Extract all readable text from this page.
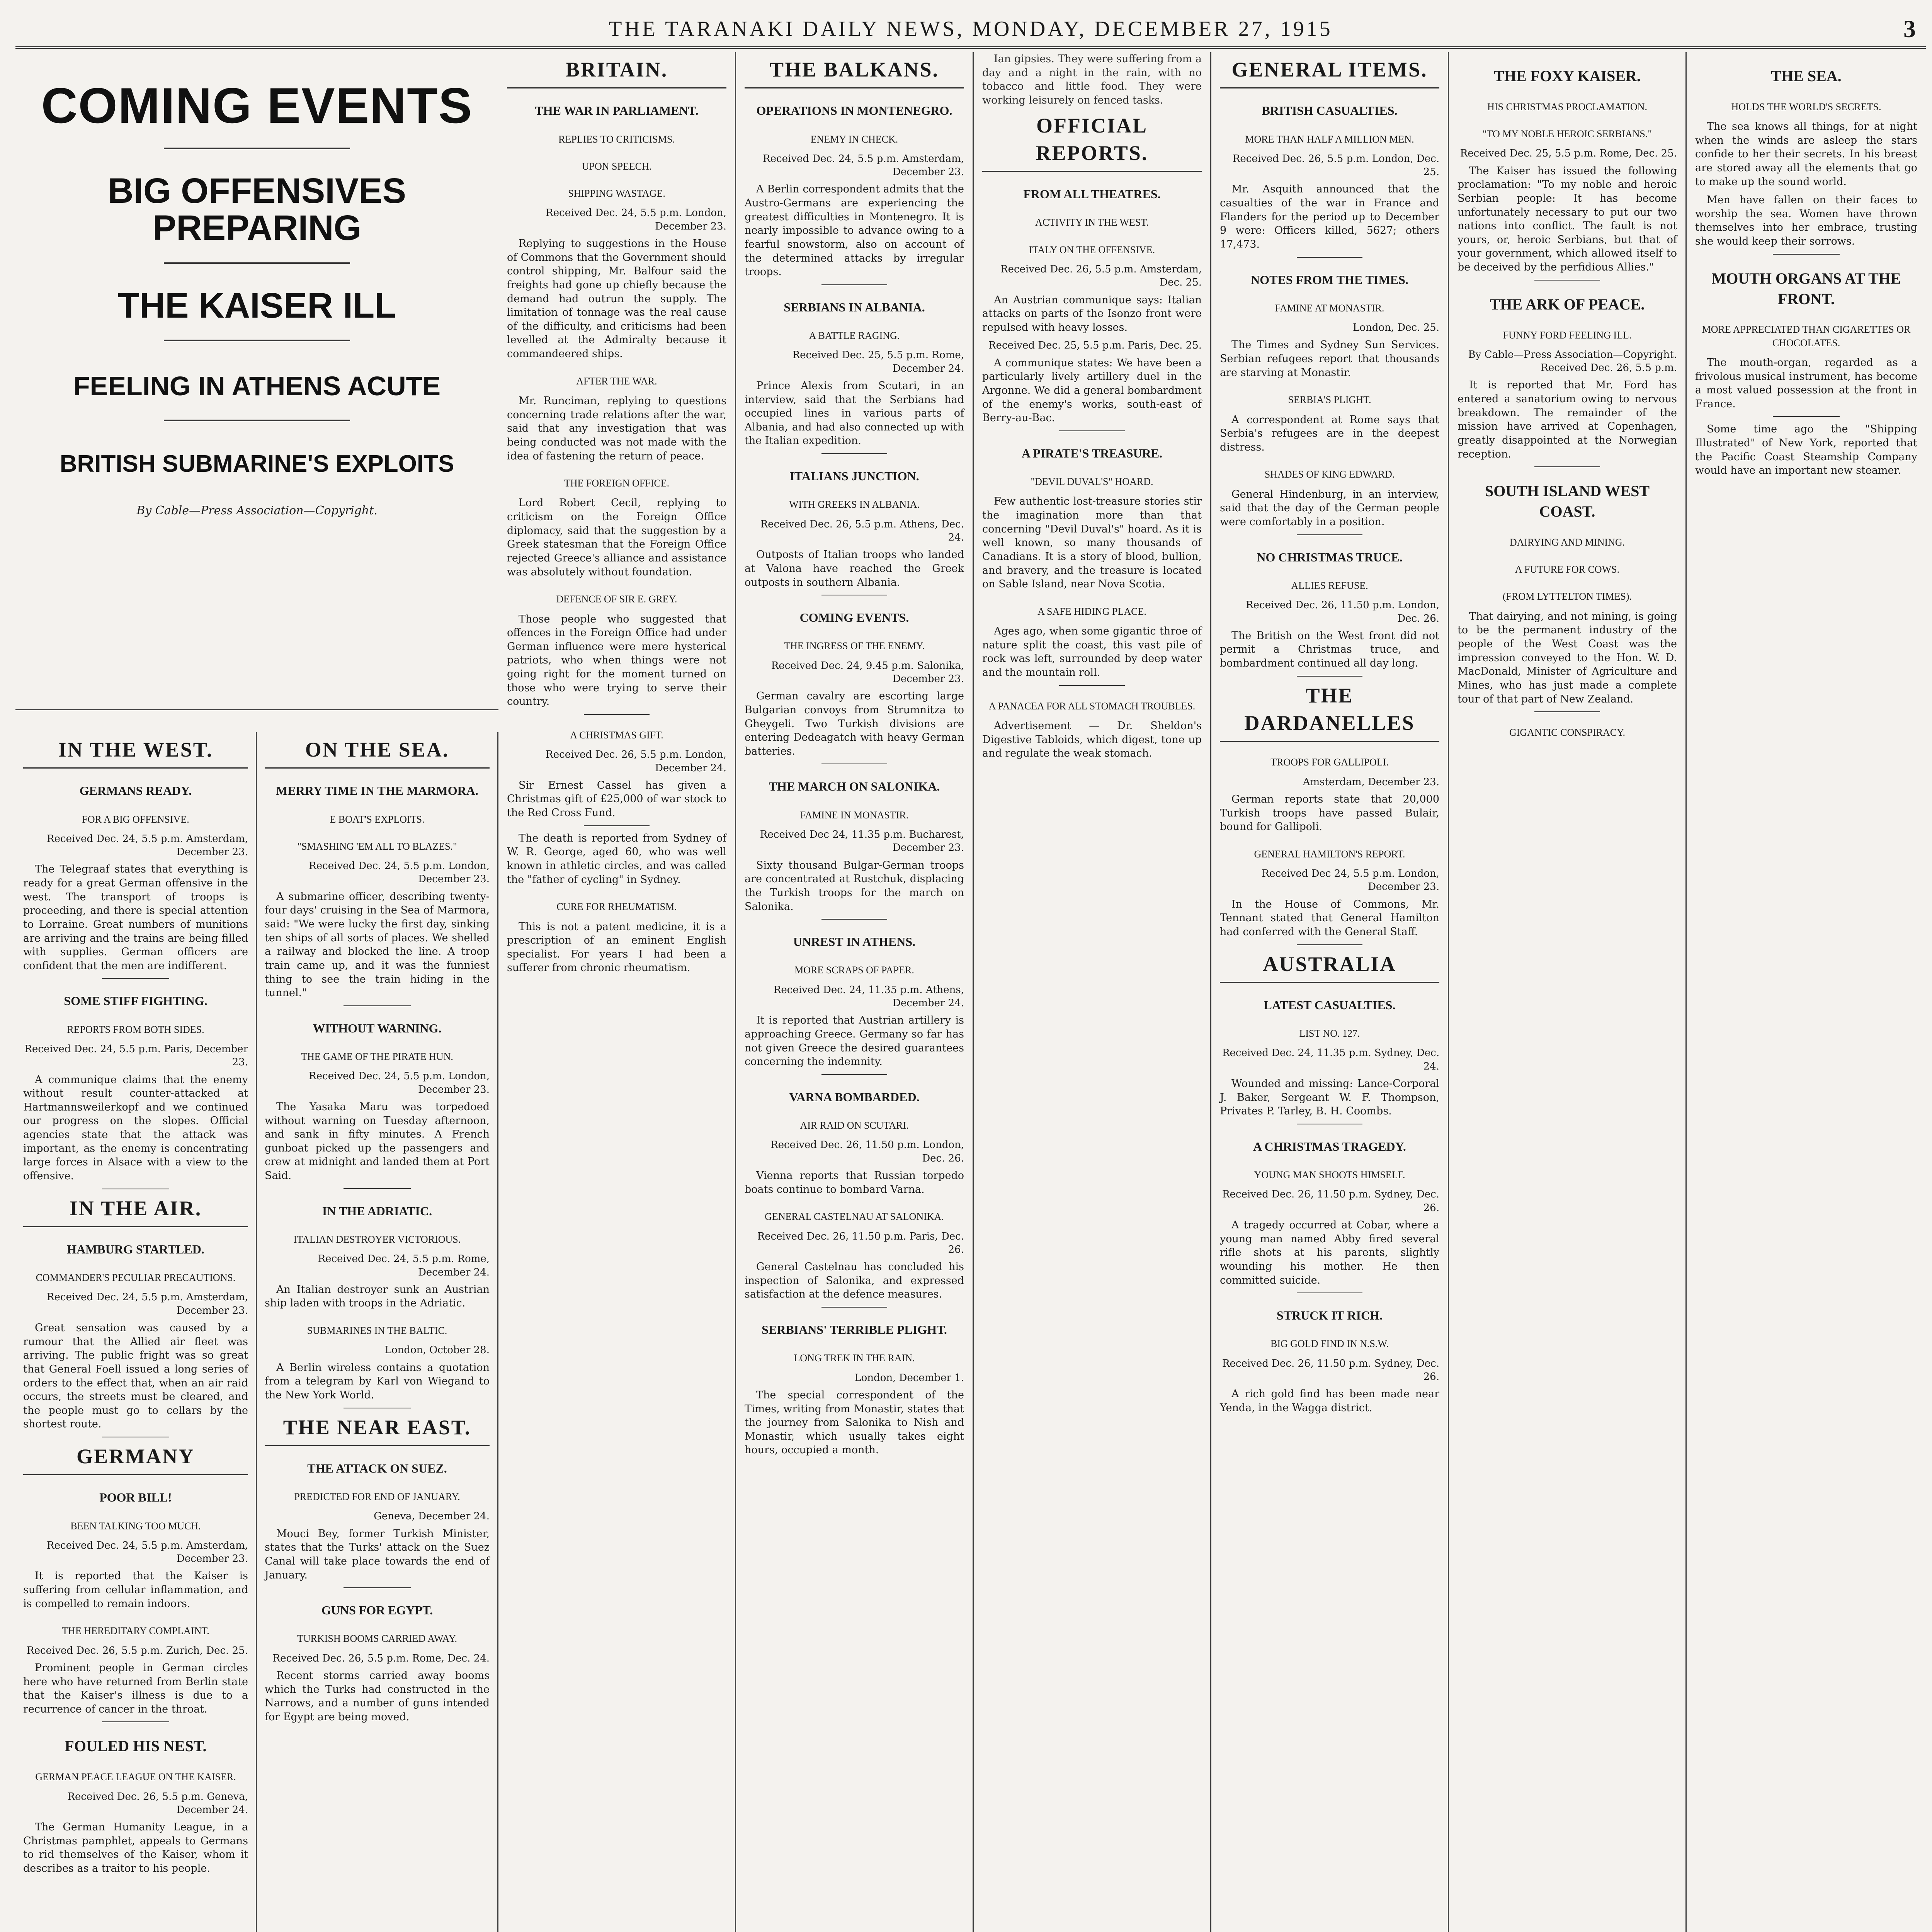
THE TARANAKI DAILY NEWS, MONDAY, DECEMBER 27, 1915	3
COMING EVENTS
BIG OFFENSIVES PREPARING
THE KAISER ILL
FEELING IN ATHENS ACUTE
BRITISH SUBMARINE'S EXPLOITS
By Cable—Press Association—Copyright.
IN THE WEST.
GERMANS READY.
FOR A BIG OFFENSIVE.
Received Dec. 24, 5.5 p.m. Amsterdam, December 23.

The Telegraaf states that everything is ready for a great German offensive in the west. The transport of troops is proceeding, and there is special attention to Lorraine. Great numbers of munitions are arriving and the trains are being filled with supplies. German officers are confident that the men are indifferent.

SOME STIFF FIGHTING.
REPORTS FROM BOTH SIDES.
Received Dec. 24, 5.5 p.m. Paris, December 23.

A communique claims that the enemy without result counter-attacked at Hartmannsweilerkopf and we continued our progress on the slopes. Official agencies state that the attack was important, as the enemy is concentrating large forces in Alsace with a view to the offensive.

IN THE AIR.
HAMBURG STARTLED.
COMMANDER'S PECULIAR PRECAUTIONS.
Received Dec. 24, 5.5 p.m. Amsterdam, December 23.

Great sensation was caused by a rumour that the Allied air fleet was arriving. The public fright was so great that General Foell issued a long series of orders to the effect that, when an air raid occurs, the streets must be cleared, and the people must go to cellars by the shortest route.

GERMANY
POOR BILL!
BEEN TALKING TOO MUCH.
Received Dec. 24, 5.5 p.m. Amsterdam, December 23.

It is reported that the Kaiser is suffering from cellular inflammation, and is compelled to remain indoors.

THE HEREDITARY COMPLAINT.
Received Dec. 26, 5.5 p.m. Zurich, Dec. 25.

Prominent people in German circles here who have returned from Berlin state that the Kaiser's illness is due to a recurrence of cancer in the throat.

FOULED HIS NEST.
GERMAN PEACE LEAGUE ON THE KAISER.
Received Dec. 26, 5.5 p.m. Geneva, December 24.

The German Humanity League, in a Christmas pamphlet, appeals to Germans to rid themselves of the Kaiser, whom it describes as a traitor to his people.

ON THE SEA.
MERRY TIME IN THE MARMORA.
E BOAT'S EXPLOITS.
"SMASHING 'EM ALL TO BLAZES."
Received Dec. 24, 5.5 p.m. London, December 23.

A submarine officer, describing twenty-four days' cruising in the Sea of Marmora, said: "We were lucky the first day, sinking ten ships of all sorts of places. We shelled a railway and blocked the line. A troop train came up, and it was the funniest thing to see the train hiding in the tunnel."

WITHOUT WARNING.
THE GAME OF THE PIRATE HUN.
Received Dec. 24, 5.5 p.m. London, December 23.

The Yasaka Maru was torpedoed without warning on Tuesday afternoon, and sank in fifty minutes. A French gunboat picked up the passengers and crew at midnight and landed them at Port Said.

IN THE ADRIATIC.
ITALIAN DESTROYER VICTORIOUS.
Received Dec. 24, 5.5 p.m. Rome, December 24.

An Italian destroyer sunk an Austrian ship laden with troops in the Adriatic.

SUBMARINES IN THE BALTIC.
London, October 28.

A Berlin wireless contains a quotation from a telegram by Karl von Wiegand to the New York World.

THE NEAR EAST.
THE ATTACK ON SUEZ.
PREDICTED FOR END OF JANUARY.
Geneva, December 24.

Mouci Bey, former Turkish Minister, states that the Turks' attack on the Suez Canal will take place towards the end of January.

GUNS FOR EGYPT.
TURKISH BOOMS CARRIED AWAY.
Received Dec. 26, 5.5 p.m. Rome, Dec. 24.

Recent storms carried away booms which the Turks had constructed in the Narrows, and a number of guns intended for Egypt are being moved.

BRITAIN.
THE WAR IN PARLIAMENT.
REPLIES TO CRITICISMS.
UPON SPEECH.
SHIPPING WASTAGE.
Received Dec. 24, 5.5 p.m. London, December 23.

Replying to suggestions in the House of Commons that the Government should control shipping, Mr. Balfour said the freights had gone up chiefly because the demand had outrun the supply. The limitation of tonnage was the real cause of the difficulty, and criticisms had been levelled at the Admiralty because it commandeered ships.

AFTER THE WAR.

Mr. Runciman, replying to questions concerning trade relations after the war, said that any investigation that was being conducted was not made with the idea of fastening the return of peace.

THE FOREIGN OFFICE.

Lord Robert Cecil, replying to criticism on the Foreign Office diplomacy, said that the suggestion by a Greek statesman that the Foreign Office rejected Greece's alliance and assistance was absolutely without foundation.

DEFENCE OF SIR E. GREY.

Those people who suggested that offences in the Foreign Office had under German influence were mere hysterical patriots, who when things were not going right for the moment turned on those who were trying to serve their country.

A CHRISTMAS GIFT.
Received Dec. 26, 5.5 p.m. London, December 24.

Sir Ernest Cassel has given a Christmas gift of £25,000 of war stock to the Red Cross Fund.

The death is reported from Sydney of W. R. George, aged 60, who was well known in athletic circles, and was called the "father of cycling" in Sydney.

CURE FOR RHEUMATISM.

This is not a patent medicine, it is a prescription of an eminent English specialist. For years I had been a sufferer from chronic rheumatism.

THE BALKANS.
OPERATIONS IN MONTENEGRO.
ENEMY IN CHECK.
Received Dec. 24, 5.5 p.m. Amsterdam, December 23.

A Berlin correspondent admits that the Austro-Germans are experiencing the greatest difficulties in Montenegro. It is nearly impossible to advance owing to a fearful snowstorm, also on account of the determined attacks by irregular troops.

SERBIANS IN ALBANIA.
A BATTLE RAGING.
Received Dec. 25, 5.5 p.m. Rome, December 24.

Prince Alexis from Scutari, in an interview, said that the Serbians had occupied lines in various parts of Albania, and had also connected up with the Italian expedition.

ITALIANS JUNCTION.
WITH GREEKS IN ALBANIA.
Received Dec. 26, 5.5 p.m. Athens, Dec. 24.

Outposts of Italian troops who landed at Valona have reached the Greek outposts in southern Albania.

COMING EVENTS.
THE INGRESS OF THE ENEMY.
Received Dec. 24, 9.45 p.m. Salonika, December 23.

German cavalry are escorting large Bulgarian convoys from Strumnitza to Gheygeli. Two Turkish divisions are entering Dedeagatch with heavy German batteries.

THE MARCH ON SALONIKA.
FAMINE IN MONASTIR.
Received Dec 24, 11.35 p.m. Bucharest, December 23.

Sixty thousand Bulgar-German troops are concentrated at Rustchuk, displacing the Turkish troops for the march on Salonika.

UNREST IN ATHENS.
MORE SCRAPS OF PAPER.
Received Dec. 24, 11.35 p.m. Athens, December 24.

It is reported that Austrian artillery is approaching Greece. Germany so far has not given Greece the desired guarantees concerning the indemnity.

VARNA BOMBARDED.
AIR RAID ON SCUTARI.
Received Dec. 26, 11.50 p.m. London, Dec. 26.

Vienna reports that Russian torpedo boats continue to bombard Varna.

GENERAL CASTELNAU AT SALONIKA.
Received Dec. 26, 11.50 p.m. Paris, Dec. 26.

General Castelnau has concluded his inspection of Salonika, and expressed satisfaction at the defence measures.

SERBIANS' TERRIBLE PLIGHT.
LONG TREK IN THE RAIN.
London, December 1.

The special correspondent of the Times, writing from Monastir, states that the journey from Salonika to Nish and Monastir, which usually takes eight hours, occupied a month.

Ian gipsies. They were suffering from a day and a night in the rain, with no tobacco and little food. They were working leisurely on fenced tasks.

OFFICIAL REPORTS.
FROM ALL THEATRES.
ACTIVITY IN THE WEST.
ITALY ON THE OFFENSIVE.
Received Dec. 26, 5.5 p.m. Amsterdam, Dec. 25.

An Austrian communique says: Italian attacks on parts of the Isonzo front were repulsed with heavy losses.

Received Dec. 25, 5.5 p.m. Paris, Dec. 25.

A communique states: We have been a particularly lively artillery duel in the Argonne. We did a general bombardment of the enemy's works, south-east of Berry-au-Bac.

A PIRATE'S TREASURE.
"DEVIL DUVAL'S" HOARD.

Few authentic lost-treasure stories stir the imagination more than that concerning "Devil Duval's" hoard. As it is well known, so many thousands of Canadians. It is a story of blood, bullion, and bravery, and the treasure is located on Sable Island, near Nova Scotia.

A SAFE HIDING PLACE.

Ages ago, when some gigantic throe of nature split the coast, this vast pile of rock was left, surrounded by deep water and the mountain roll.

A PANACEA FOR ALL STOMACH TROUBLES.

Advertisement — Dr. Sheldon's Digestive Tabloids, which digest, tone up and regulate the weak stomach.

GENERAL ITEMS.
BRITISH CASUALTIES.
MORE THAN HALF A MILLION MEN.
Received Dec. 26, 5.5 p.m. London, Dec. 25.

Mr. Asquith announced that the casualties of the war in France and Flanders for the period up to December 9 were: Officers killed, 5627; others 17,473.

NOTES FROM THE TIMES.
FAMINE AT MONASTIR.
London, Dec. 25.

The Times and Sydney Sun Services. Serbian refugees report that thousands are starving at Monastir.

SERBIA'S PLIGHT.

A correspondent at Rome says that Serbia's refugees are in the deepest distress.

SHADES OF KING EDWARD.

General Hindenburg, in an interview, said that the day of the German people were comfortably in a position.

NO CHRISTMAS TRUCE.
ALLIES REFUSE.
Received Dec. 26, 11.50 p.m. London, Dec. 26.

The British on the West front did not permit a Christmas truce, and bombardment continued all day long.

THE DARDANELLES
TROOPS FOR GALLIPOLI.
Amsterdam, December 23.

German reports state that 20,000 Turkish troops have passed Bulair, bound for Gallipoli.

GENERAL HAMILTON'S REPORT.
Received Dec 24, 5.5 p.m. London, December 23.

In the House of Commons, Mr. Tennant stated that General Hamilton had conferred with the General Staff.

AUSTRALIA
LATEST CASUALTIES.
LIST NO. 127.
Received Dec. 24, 11.35 p.m. Sydney, Dec. 24.

Wounded and missing: Lance-Corporal J. Baker, Sergeant W. F. Thompson, Privates P. Tarley, B. H. Coombs.

A CHRISTMAS TRAGEDY.
YOUNG MAN SHOOTS HIMSELF.
Received Dec. 26, 11.50 p.m. Sydney, Dec. 26.

A tragedy occurred at Cobar, where a young man named Abby fired several rifle shots at his parents, slightly wounding his mother. He then committed suicide.

STRUCK IT RICH.
BIG GOLD FIND IN N.S.W.
Received Dec. 26, 11.50 p.m. Sydney, Dec. 26.

A rich gold find has been made near Yenda, in the Wagga district.

THE FOXY KAISER.
HIS CHRISTMAS PROCLAMATION.
"TO MY NOBLE HEROIC SERBIANS."
Received Dec. 25, 5.5 p.m. Rome, Dec. 25.

The Kaiser has issued the following proclamation: "To my noble and heroic Serbian people: It has become unfortunately necessary to put our two nations into conflict. The fault is not yours, or, heroic Serbians, but that of your government, which allowed itself to be deceived by the perfidious Allies."

THE ARK OF PEACE.
FUNNY FORD FEELING ILL.
By Cable—Press Association—Copyright. Received Dec. 26, 5.5 p.m.

It is reported that Mr. Ford has entered a sanatorium owing to nervous breakdown. The remainder of the mission have arrived at Copenhagen, greatly disappointed at the Norwegian reception.

SOUTH ISLAND WEST COAST.
DAIRYING AND MINING.
A FUTURE FOR COWS.
(FROM LYTTELTON TIMES).

That dairying, and not mining, is going to be the permanent industry of the people of the West Coast was the impression conveyed to the Hon. W. D. MacDonald, Minister of Agriculture and Mines, who has just made a complete tour of that part of New Zealand.

GIGANTIC CONSPIRACY.
THE SEA.
HOLDS THE WORLD'S SECRETS.

The sea knows all things, for at night when the winds are asleep the stars confide to her their secrets. In his breast are stored away all the elements that go to make up the sound world.

Men have fallen on their faces to worship the sea. Women have thrown themselves into her embrace, trusting she would keep their sorrows.

MOUTH ORGANS AT THE FRONT.
MORE APPRECIATED THAN CIGARETTES OR CHOCOLATES.

The mouth-organ, regarded as a frivolous musical instrument, has become a most valued possession at the front in France.

Some time ago the "Shipping Illustrated" of New York, reported that the Pacific Coast Steamship Company would have an important new steamer.
